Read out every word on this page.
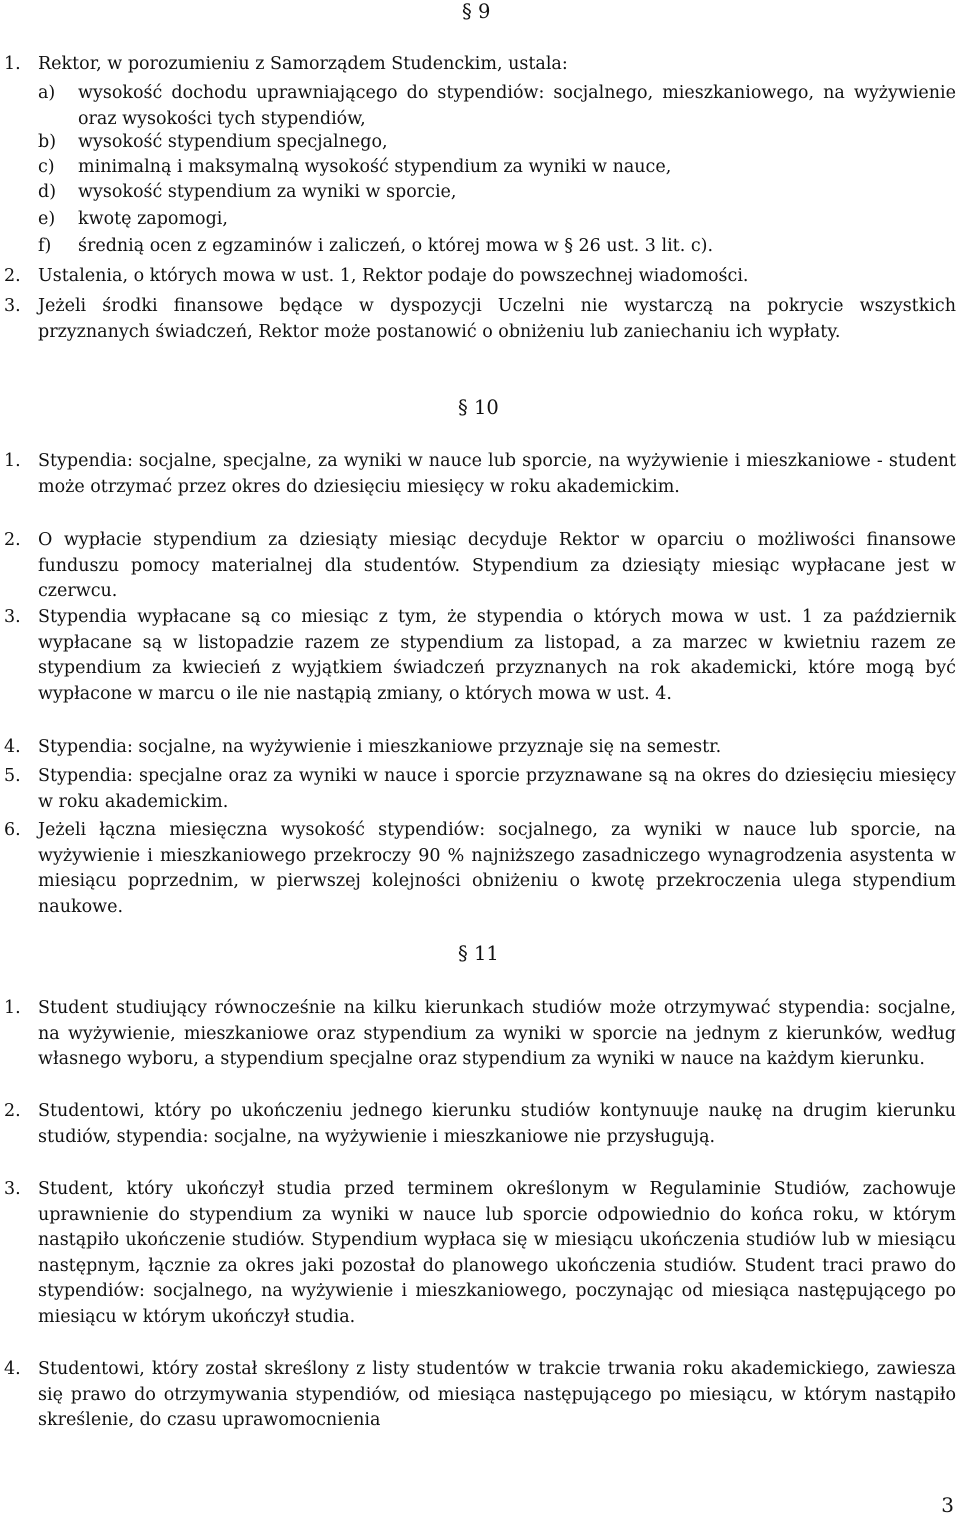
§ 9
1. Rektor, w porozumieniu z Samorządem Studenckim, ustala:
a)	wysokość dochodu uprawniającego do stypendiów: socjalnego, mieszkaniowego, na wyżywienie oraz wysokości tych stypendiów,
b) wysokość stypendium specjalnego,
c) minimalną i maksymalną wysokość stypendium za wyniki w nauce,
d) wysokość stypendium za wyniki w sporcie,
e) kwotę zapomogi,
f) średnią ocen z egzaminów i zaliczeń, o której mowa w § 26 ust. 3 lit. c).
2. Ustalenia, o których mowa w ust. 1, Rektor podaje do powszechnej wiadomości.
3. Jeżeli środki finansowe będące w dyspozycji Uczelni nie wystarczą na pokrycie wszystkich przyznanych świadczeń, Rektor może postanowić o obniżeniu lub zaniechaniu ich wypłaty.
§ 10
1. Stypendia: socjalne, specjalne, za wyniki w nauce lub sporcie, na wyżywienie i mieszkaniowe - student może otrzymać przez okres do dziesięciu miesięcy w roku akademickim.
2. O wypłacie stypendium za dziesiąty miesiąc decyduje Rektor w oparciu o możliwości finansowe funduszu pomocy materialnej dla studentów. Stypendium za dziesiąty miesiąc wypłacane jest w czerwcu.
3. Stypendia wypłacane są co miesiąc z tym, że stypendia o których mowa w ust. 1 za październik wypłacane są w listopadzie razem ze stypendium za listopad, a za marzec w kwietniu razem ze stypendium za kwiecień z wyjątkiem świadczeń przyznanych na rok akademicki, które mogą być wypłacone w marcu o ile nie nastąpią zmiany, o których mowa w ust. 4.
4. Stypendia: socjalne, na wyżywienie i mieszkaniowe przyznaje się na semestr.
5. Stypendia: specjalne oraz za wyniki w nauce i sporcie przyznawane są na okres do dziesięciu miesięcy w roku akademickim.
6. Jeżeli łączna miesięczna wysokość stypendiów: socjalnego, za wyniki w nauce lub sporcie, na wyżywienie i mieszkaniowego przekroczy 90 % najniższego zasadniczego wynagrodzenia asystenta w miesiącu poprzednim, w pierwszej kolejności obniżeniu o kwotę przekroczenia ulega stypendium naukowe.
§ 11
1. Student studiujący równocześnie na kilku kierunkach studiów może otrzymywać stypendia: socjalne, na wyżywienie, mieszkaniowe oraz stypendium za wyniki w sporcie na jednym z kierunków, według własnego wyboru, a stypendium specjalne oraz stypendium za wyniki w nauce na każdym kierunku.
2. Studentowi, który po ukończeniu jednego kierunku studiów kontynuuje naukę na drugim kierunku studiów, stypendia: socjalne, na wyżywienie i mieszkaniowe nie przysługują.
3. Student, który ukończył studia przed terminem określonym w Regulaminie Studiów, zachowuje uprawnienie do stypendium za wyniki w nauce lub sporcie odpowiednio do końca roku, w którym nastąpiło ukończenie studiów. Stypendium wypłaca się w miesiącu ukończenia studiów lub w miesiącu następnym, łącznie za okres jaki pozostał do planowego ukończenia studiów. Student traci prawo do stypendiów: socjalnego, na wyżywienie i mieszkaniowego, poczynając od miesiąca następującego po miesiącu w którym ukończył studia.
4. Studentowi, który został skreślony z listy studentów w trakcie trwania roku akademickiego, zawiesza się prawo do otrzymywania stypendiów, od miesiąca następującego po miesiącu, w którym nastąpiło skreślenie, do czasu uprawomocnienia
3
